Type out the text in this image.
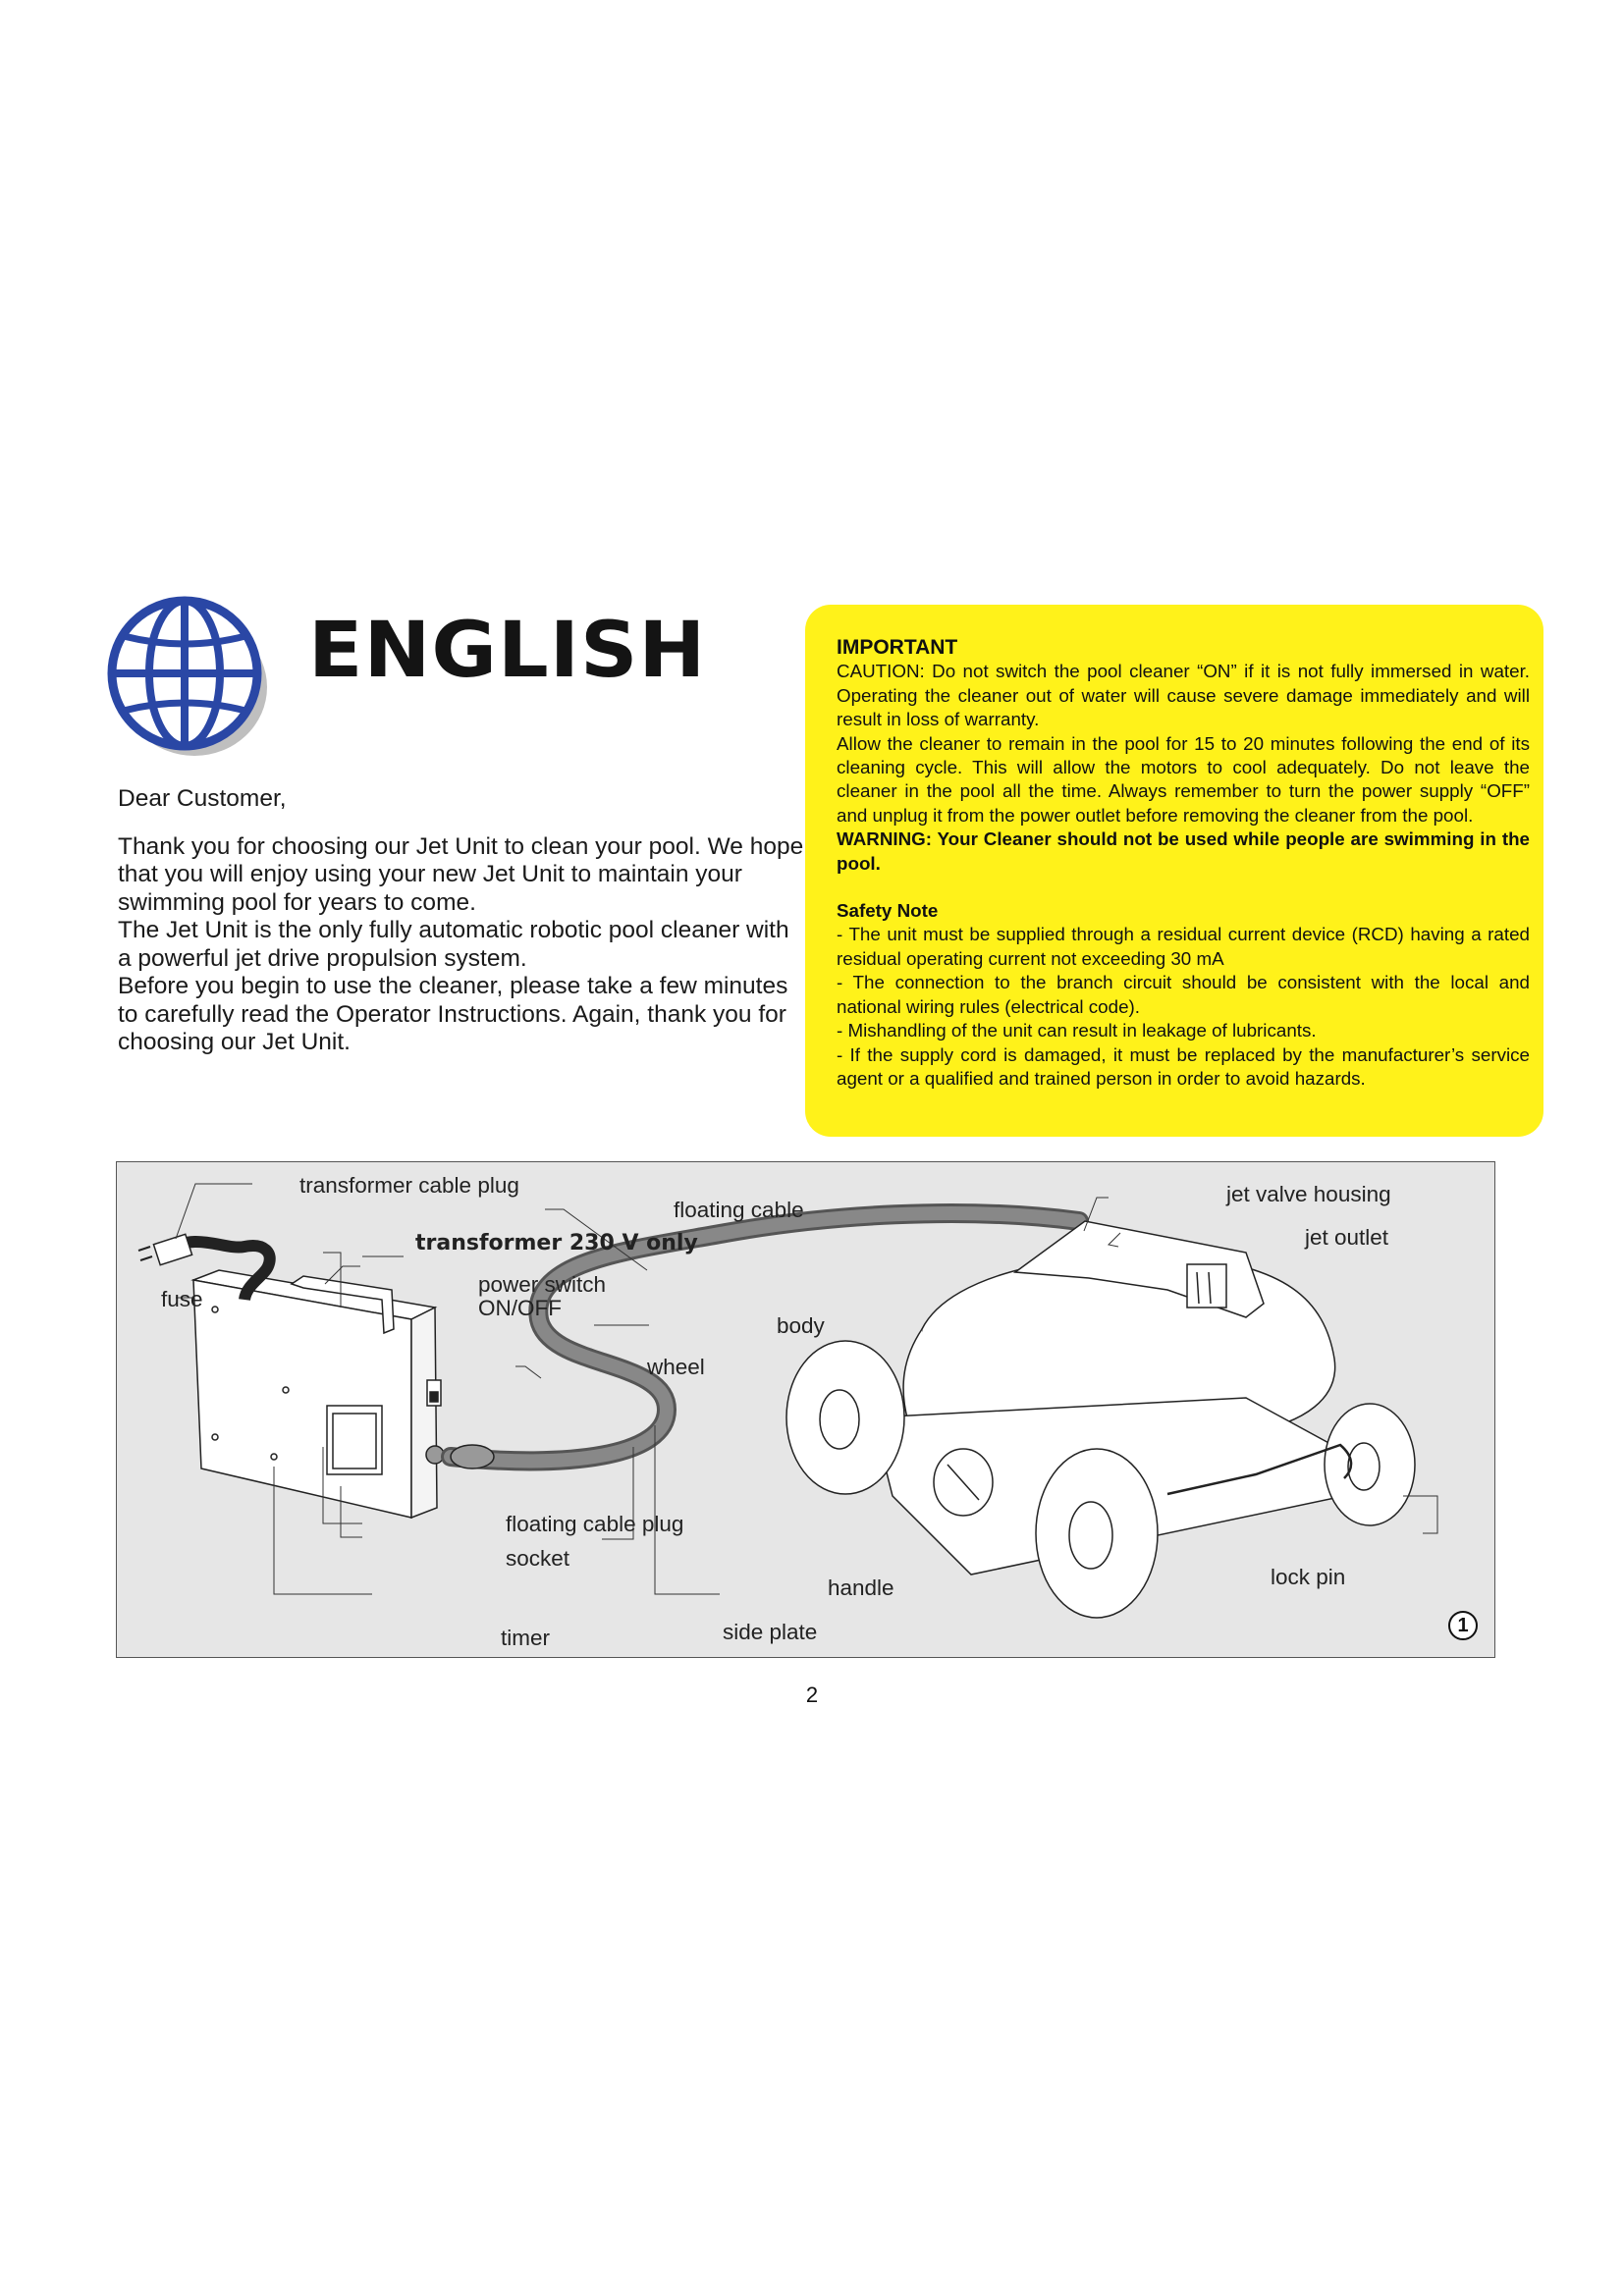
ENGLISH

Dear Customer,

Thank you for choosing our Jet Unit to clean your pool. We hope that you will enjoy using your new Jet Unit to maintain your swimming pool for years to come.

The Jet Unit is the only fully automatic robotic pool cleaner with a powerful jet drive propulsion system.

Before you begin to use the cleaner, please take a few minutes to carefully read the Operator Instructions. Again, thank you for choosing our Jet Unit.

IMPORTANT

CAUTION: Do not switch the pool cleaner “ON” if it is not fully immersed in water. Operating the cleaner out of water will cause severe damage immediately and will result in loss of warranty.

Allow the cleaner to remain in the pool for 15 to 20 minutes following the end of its cleaning cycle. This will allow the motors to cool adequately. Do not leave the cleaner in the pool all the time. Always remember to turn the power supply “OFF” and unplug it from the power outlet before removing the cleaner from the pool.

WARNING: Your Cleaner should not be used while people are swimming in the pool.

Safety Note

- The unit must be supplied through a residual current device (RCD) having a rated residual operating current not exceeding 30 mA

- The connection to the branch circuit should be consistent with the local and national wiring rules (electrical code).

- Mishandling of the unit can result in leakage of lubricants.

- If the supply cord is damaged, it must be replaced by the manufacturer’s service agent or a qualified and trained person in order to avoid hazards.

transformer cable plug
floating cable
jet valve housing
jet outlet
transformer 230 V only
fuse
power switch
ON/OFF
body
wheel
floating cable plug
socket
handle	lock pin
timer	side plate	1
2
